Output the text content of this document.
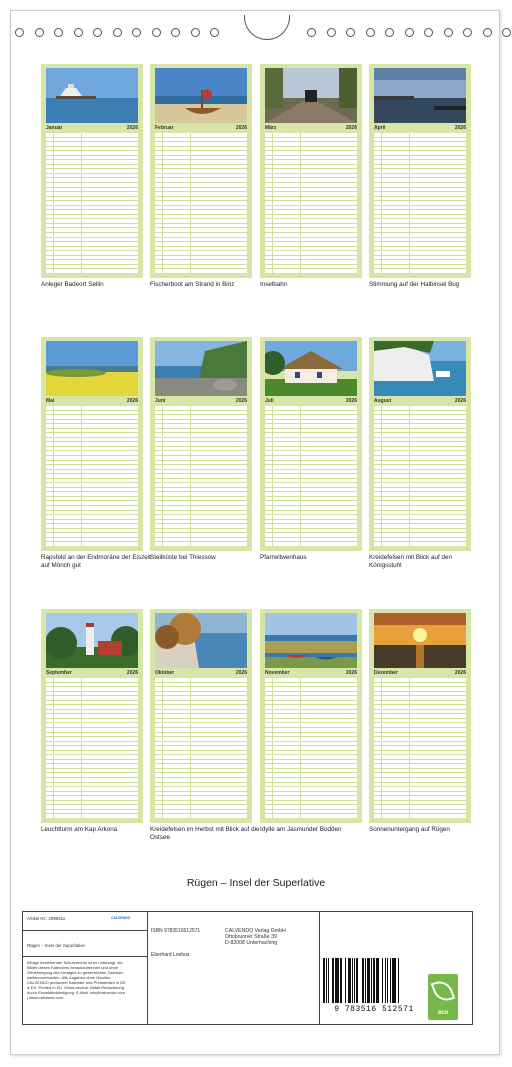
Januar	2026
Anleger Badeort Sellin
Februar	2026
Fischerboot am Strand in Binz
März	2026
Inselbahn
April	2026
Stimmung auf der Halbinsel Bug
Mai	2026
Rapsfeld an der Endmoräne der Eiszeit auf Mönch gut
Juni	2026
Steilküste bei Thiessow
Juli	2026
Pfarrwitwenhaus
August	2026
Kreidefelsen mit Blick auf den Königsstuhl
September	2026
Leuchtturm am Kap Arkona
Oktober	2026
Kreidefelsen im Herbst mit Blick auf die Ostsee
November	2026
Idylle am Jasmunder Bodden
Dezember	2026
Sonnenuntergang auf Rügen
Rügen – Insel der Superlative
Artikel Nr.: 2096311	CALVENDO
Rügen – Insel der Superlative
Infolge bestehender Schutzrechte ist es untersagt, die Bilder dieses Kalenders herauszutrennen und ohne Genehmigung des Verlages zu gewerblichen Zwecken weiterzuverkaufen. Alle Angaben ohne Gewähr. CALVENDO produziert Kalender und Printmedien in DE & EU. Printed in EU. Klima-neutral. Abfall-Reduzierung durch Einzelstückfertigung. E-Mail: info@calvendo.com | www.calvendo.com
ISBN 9783516512571
Eberhard Loebus
CALVENDO Verlag GmbH
Ottobrunner Straße 39
D-82008 Unterhaching
9 783516 512571	eco
